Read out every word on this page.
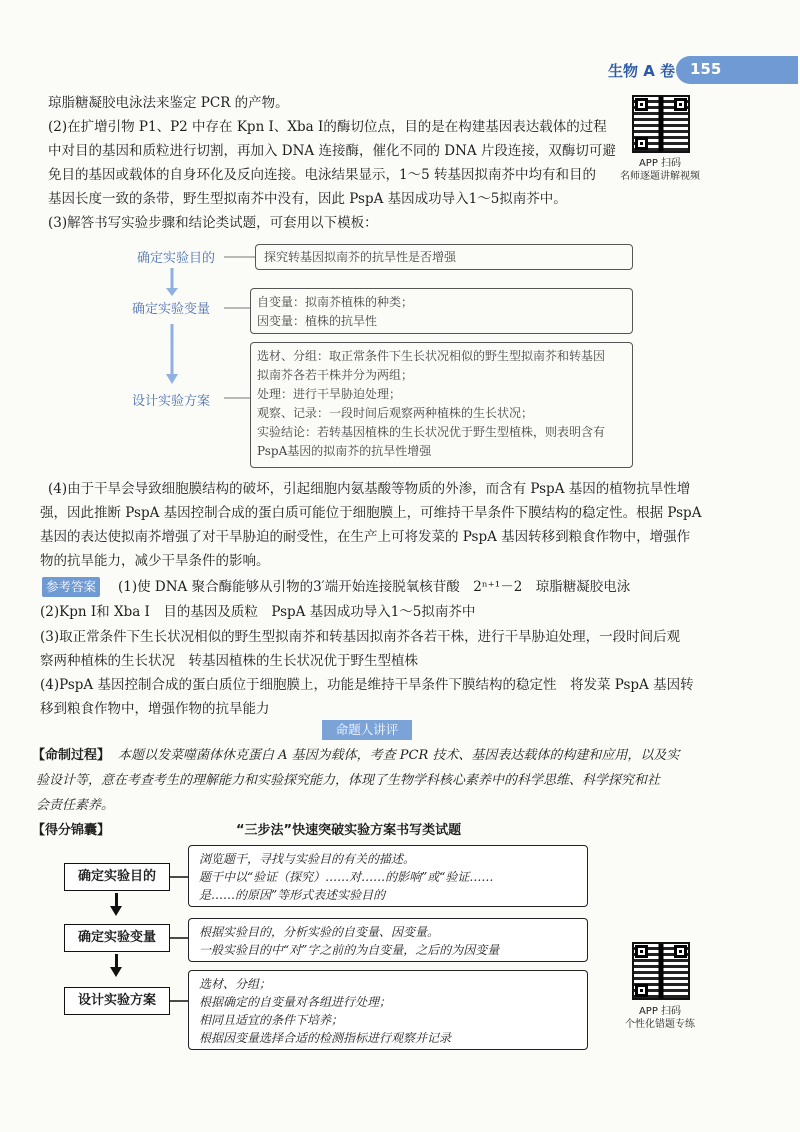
生物 A 卷 155
APP 扫码
名师逐题讲解视频
琼脂糖凝胶电泳法来鉴定 PCR 的产物。
(2)在扩增引物 P1、P2 中存在 Kpn Ⅰ、Xba Ⅰ的酶切位点，目的是在构建基因表达载体的过程
中对目的基因和质粒进行切割，再加入 DNA 连接酶，催化不同的 DNA 片段连接，双酶切可避
免目的基因或载体的自身环化及反向连接。电泳结果显示，1～5 转基因拟南芥中均有和目的
基因长度一致的条带，野生型拟南芥中没有，因此 PspA 基因成功导入1～5拟南芥中。
(3)解答书写实验步骤和结论类试题，可套用以下模板：
确定实验目的
确定实验变量
设计实验方案
探究转基因拟南芥的抗旱性是否增强
自变量：拟南芥植株的种类；
因变量：植株的抗旱性
选材、分组：取正常条件下生长状况相似的野生型拟南芥和转基因
拟南芥各若干株并分为两组；
处理：进行干旱胁迫处理；
观察、记录：一段时间后观察两种植株的生长状况；
实验结论：若转基因植株的生长状况优于野生型植株，则表明含有
PspA基因的拟南芥的抗旱性增强
(4)由于干旱会导致细胞膜结构的破坏，引起细胞内氨基酸等物质的外渗，而含有 PspA 基因的植物抗旱性增
强，因此推断 PspA 基因控制合成的蛋白质可能位于细胞膜上，可维持干旱条件下膜结构的稳定性。根据 PspA
基因的表达使拟南芥增强了对干旱胁迫的耐受性，在生产上可将发菜的 PspA 基因转移到粮食作物中，增强作
物的抗旱能力，减少干旱条件的影响。
参考答案 (1)使 DNA 聚合酶能够从引物的3′端开始连接脱氧核苷酸　2ⁿ⁺¹－2　琼脂糖凝胶电泳
(2)Kpn Ⅰ和 Xba Ⅰ　目的基因及质粒　PspA 基因成功导入1～5拟南芥中
(3)取正常条件下生长状况相似的野生型拟南芥和转基因拟南芥各若干株，进行干旱胁迫处理，一段时间后观
察两种植株的生长状况　转基因植株的生长状况优于野生型植株
(4)PspA 基因控制合成的蛋白质位于细胞膜上，功能是维持干旱条件下膜结构的稳定性　将发菜 PspA 基因转
移到粮食作物中，增强作物的抗旱能力
命题人讲评
【命制过程】 本题以发菜噬菌体休克蛋白 A 基因为载体，考查 PCR 技术、基因表达载体的构建和应用，以及实
验设计等，意在考查考生的理解能力和实验探究能力，体现了生物学科核心素养中的科学思维、科学探究和社
会责任素养。
【得分锦囊】	“三步法”快速突破实验方案书写类试题
确定实验目的
确定实验变量
设计实验方案
浏览题干，寻找与实验目的有关的描述。
题干中以“验证（探究）……对……的影响”或“验证……
是……的原因”等形式表述实验目的
根据实验目的，分析实验的自变量、因变量。
一般实验目的中“对”字之前的为自变量，之后的为因变量
选材、分组；
根据确定的自变量对各组进行处理；
相同且适宜的条件下培养；
根据因变量选择合适的检测指标进行观察并记录
APP 扫码
个性化错题专练
